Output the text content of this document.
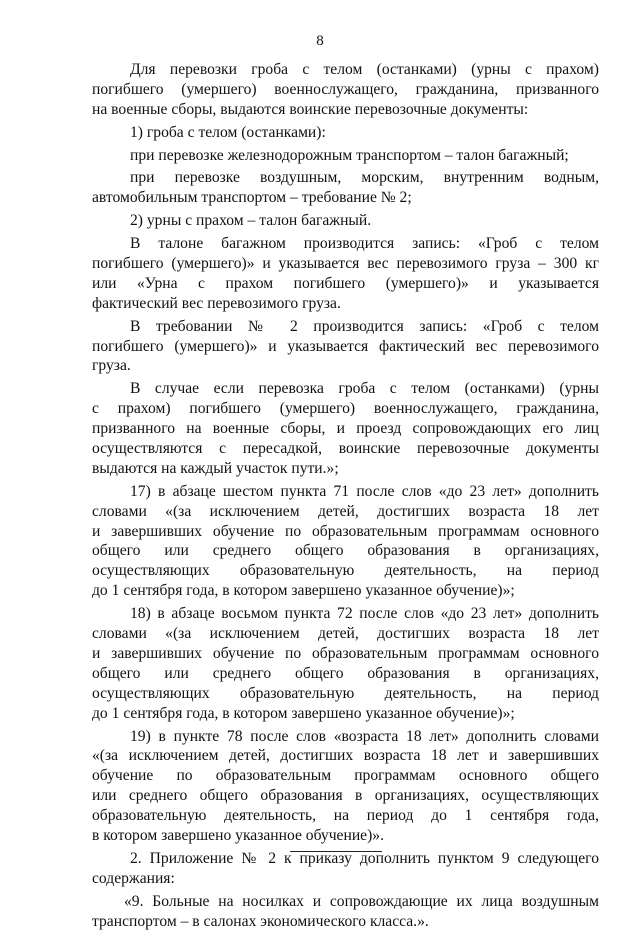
8
Для перевозки гроба с телом (останками) (урны с прахом)
погибшего (умершего) военнослужащего, гражданина, призванного
на военные сборы, выдаются воинские перевозочные документы:
1) гроба с телом (останками):
при перевозке железнодорожным транспортом – талон багажный;
при перевозке воздушным, морским, внутренним водным,
автомобильным транспортом – требование № 2;
2) урны с прахом – талон багажный.
В талоне багажном производится запись: «Гроб с телом
погибшего (умершего)» и указывается вес перевозимого груза – 300 кг
или «Урна с прахом погибшего (умершего)» и указывается
фактический вес перевозимого груза.
В требовании № 2 производится запись: «Гроб с телом
погибшего (умершего)» и указывается фактический вес перевозимого
груза.
В случае если перевозка гроба с телом (останками) (урны
с прахом) погибшего (умершего) военнослужащего, гражданина,
призванного на военные сборы, и проезд сопровождающих его лиц
осуществляются с пересадкой, воинские перевозочные документы
выдаются на каждый участок пути.»;
17) в абзаце шестом пункта 71 после слов «до 23 лет» дополнить
словами «(за исключением детей, достигших возраста 18 лет
и завершивших обучение по образовательным программам основного
общего или среднего общего образования в организациях,
осуществляющих образовательную деятельность, на период
до 1 сентября года, в котором завершено указанное обучение)»;
18) в абзаце восьмом пункта 72 после слов «до 23 лет» дополнить
словами «(за исключением детей, достигших возраста 18 лет
и завершивших обучение по образовательным программам основного
общего или среднего общего образования в организациях,
осуществляющих образовательную деятельность, на период
до 1 сентября года, в котором завершено указанное обучение)»;
19) в пункте 78 после слов «возраста 18 лет» дополнить словами
«(за исключением детей, достигших возраста 18 лет и завершивших
обучение по образовательным программам основного общего
или среднего общего образования в организациях, осуществляющих
образовательную деятельность, на период до 1 сентября года,
в котором завершено указанное обучение)».
2. Приложение № 2 к приказу дополнить пунктом 9 следующего
содержания:
«9. Больные на носилках и сопровождающие их лица воздушным
транспортом – в салонах экономического класса.».
